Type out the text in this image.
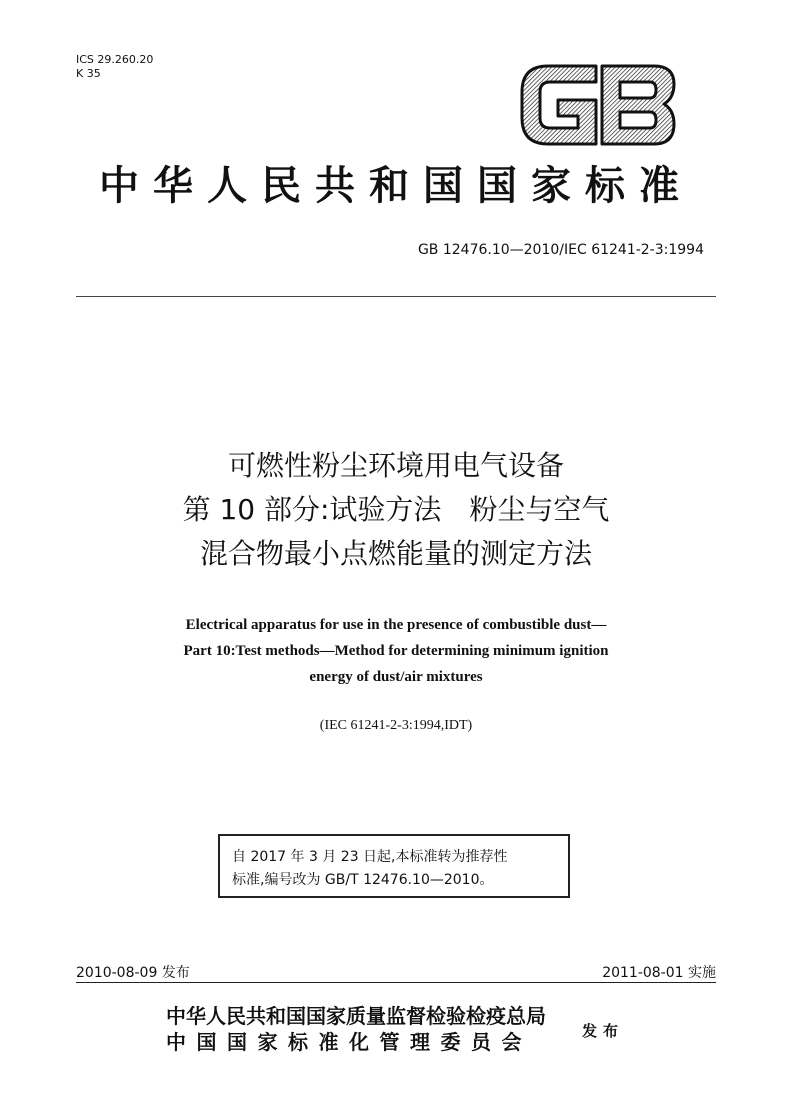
ICS 29.260.20
K 35
中华人民共和国国家标准
GB 12476.10—2010/IEC 61241-2-3:1994
可燃性粉尘环境用电气设备
第 10 部分:试验方法　粉尘与空气
混合物最小点燃能量的测定方法
Electrical apparatus for use in the presence of combustible dust—
Part 10:Test methods—Method for determining minimum ignition
energy of dust/air mixtures
(IEC 61241-2-3:1994,IDT)
自 2017 年 3 月 23 日起,本标准转为推荐性
标准,编号改为 GB/T 12476.10—2010。
2010-08-09 发布	2011-08-01 实施
中华人民共和国国家质量监督检验检疫总局
中国国家标准化管理委员会	发布
